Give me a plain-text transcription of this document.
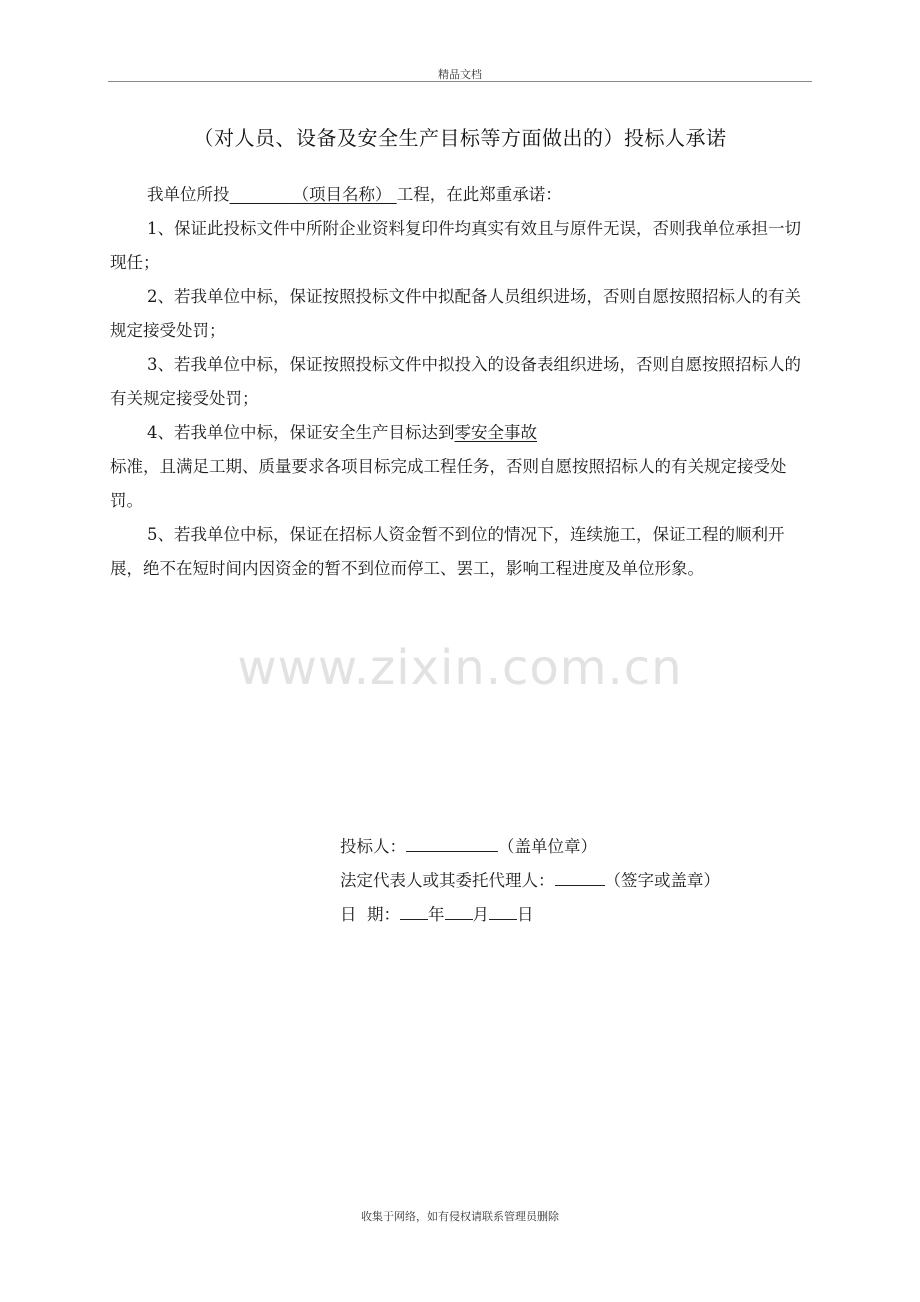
精品文档
（对人员、设备及安全生产目标等方面做出的）投标人承诺

我单位所投	（项目名称） 工程，在此郑重承诺：

1、保证此投标文件中所附企业资料复印件均真实有效且与原件无误，否则我单位承担一切现任；

2、若我单位中标，保证按照投标文件中拟配备人员组织进场，否则自愿按照招标人的有关规定接受处罚；

3、若我单位中标，保证按照投标文件中拟投入的设备表组织进场，否则自愿按照招标人的有关规定接受处罚；

4、若我单位中标，保证安全生产目标达到零安全事故

标准，且满足工期、质量要求各项目标完成工程任务，否则自愿按照招标人的有关规定接受处罚。

5、若我单位中标，保证在招标人资金暂不到位的情况下，连续施工，保证工程的顺利开展，绝不在短时间内因资金的暂不到位而停工、罢工，影响工程进度及单位形象。

www.zixin.com.cn
投标人：	（盖单位章）
法定代表人或其委托代理人：	（签字或盖章）
日  期： 年 月 日
收集于网络，如有侵权请联系管理员删除
